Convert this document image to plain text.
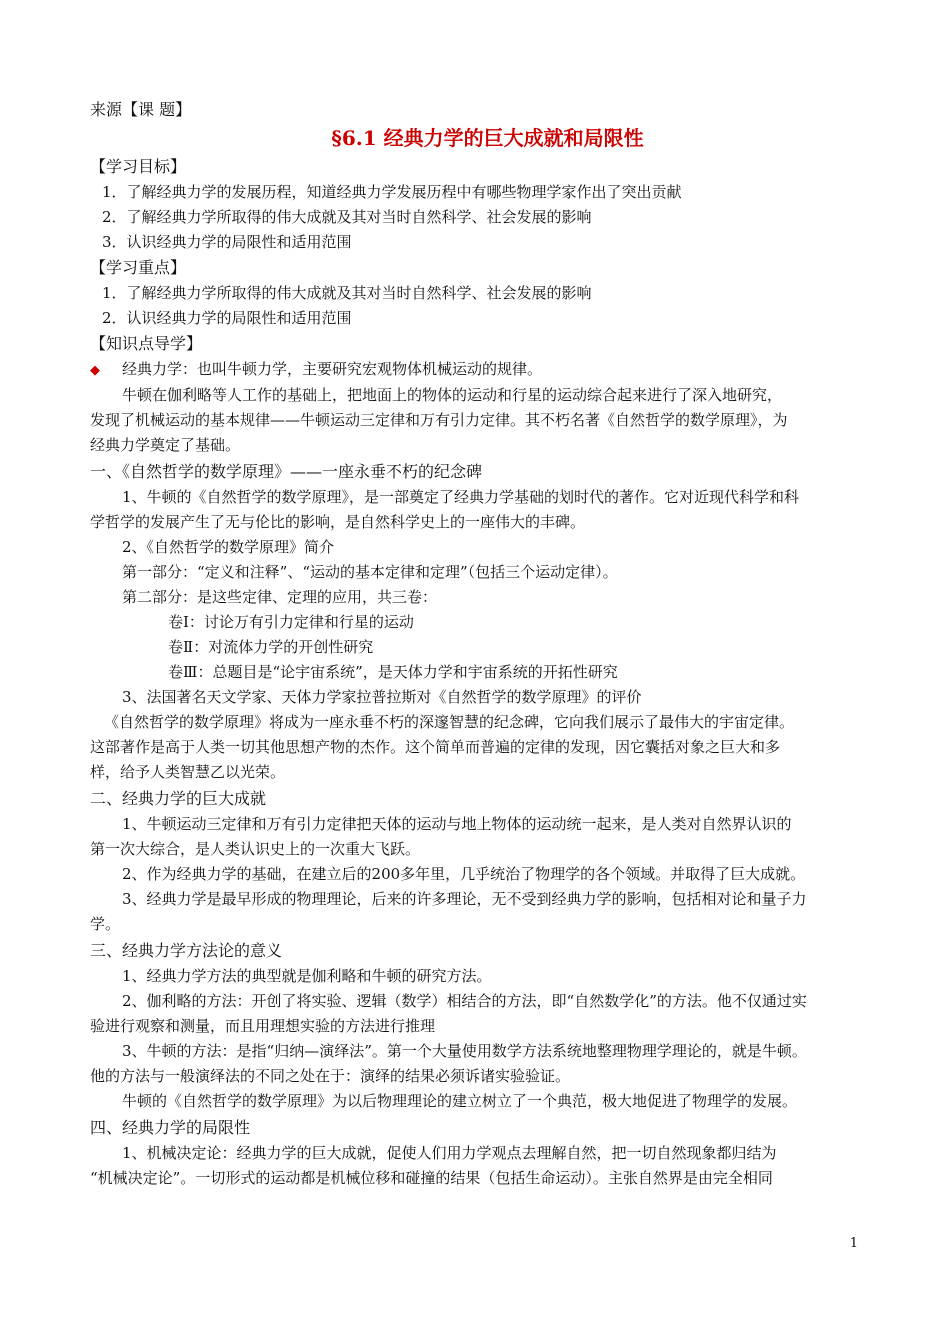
来源【课 题】
§6.1 经典力学的巨大成就和局限性
【学习目标】
1．了解经典力学的发展历程，知道经典力学发展历程中有哪些物理学家作出了突出贡献
2．了解经典力学所取得的伟大成就及其对当时自然科学、社会发展的影响
3．认识经典力学的局限性和适用范围
【学习重点】
1．了解经典力学所取得的伟大成就及其对当时自然科学、社会发展的影响
2．认识经典力学的局限性和适用范围
【知识点导学】
◆ 经典力学：也叫牛顿力学，主要研究宏观物体机械运动的规律。
牛顿在伽利略等人工作的基础上，把地面上的物体的运动和行星的运动综合起来进行了深入地研究，
发现了机械运动的基本规律——牛顿运动三定律和万有引力定律。其不朽名著《自然哲学的数学原理》，为
经典力学奠定了基础。
一、《自然哲学的数学原理》——一座永垂不朽的纪念碑
1、牛顿的《自然哲学的数学原理》，是一部奠定了经典力学基础的划时代的著作。它对近现代科学和科
学哲学的发展产生了无与伦比的影响，是自然科学史上的一座伟大的丰碑。
2、《自然哲学的数学原理》简介
第一部分：“定义和注释”、“运动的基本定律和定理”（包括三个运动定律）。
第二部分：是这些定律、定理的应用，共三卷：
卷Ⅰ：讨论万有引力定律和行星的运动
卷Ⅱ：对流体力学的开创性研究
卷Ⅲ：总题目是“论宇宙系统”，是天体力学和宇宙系统的开拓性研究
3、法国著名天文学家、天体力学家拉普拉斯对《自然哲学的数学原理》的评价
《自然哲学的数学原理》将成为一座永垂不朽的深邃智慧的纪念碑，它向我们展示了最伟大的宇宙定律。
这部著作是高于人类一切其他思想产物的杰作。这个简单而普遍的定律的发现，因它囊括对象之巨大和多
样，给予人类智慧乙以光荣。
二、经典力学的巨大成就
1、牛顿运动三定律和万有引力定律把天体的运动与地上物体的运动统一起来，是人类对自然界认识的
第一次大综合，是人类认识史上的一次重大飞跃。
2、作为经典力学的基础，在建立后的200多年里，几乎统治了物理学的各个领域。并取得了巨大成就。
3、经典力学是最早形成的物理理论，后来的许多理论，无不受到经典力学的影响，包括相对论和量子力
学。
三、经典力学方法论的意义
1、经典力学方法的典型就是伽利略和牛顿的研究方法。
2、伽利略的方法：开创了将实验、逻辑（数学）相结合的方法，即“自然数学化”的方法。他不仅通过实
验进行观察和测量，而且用理想实验的方法进行推理
3、牛顿的方法：是指“归纳—演绎法”。第一个大量使用数学方法系统地整理物理学理论的，就是牛顿。
他的方法与一般演绎法的不同之处在于：演绎的结果必须诉诸实验验证。
牛顿的《自然哲学的数学原理》为以后物理理论的建立树立了一个典范，极大地促进了物理学的发展。
四、经典力学的局限性
1、机械决定论：经典力学的巨大成就，促使人们用力学观点去理解自然，把一切自然现象都归结为
“机械决定论”。一切形式的运动都是机械位移和碰撞的结果（包括生命运动）。主张自然界是由完全相同
1
